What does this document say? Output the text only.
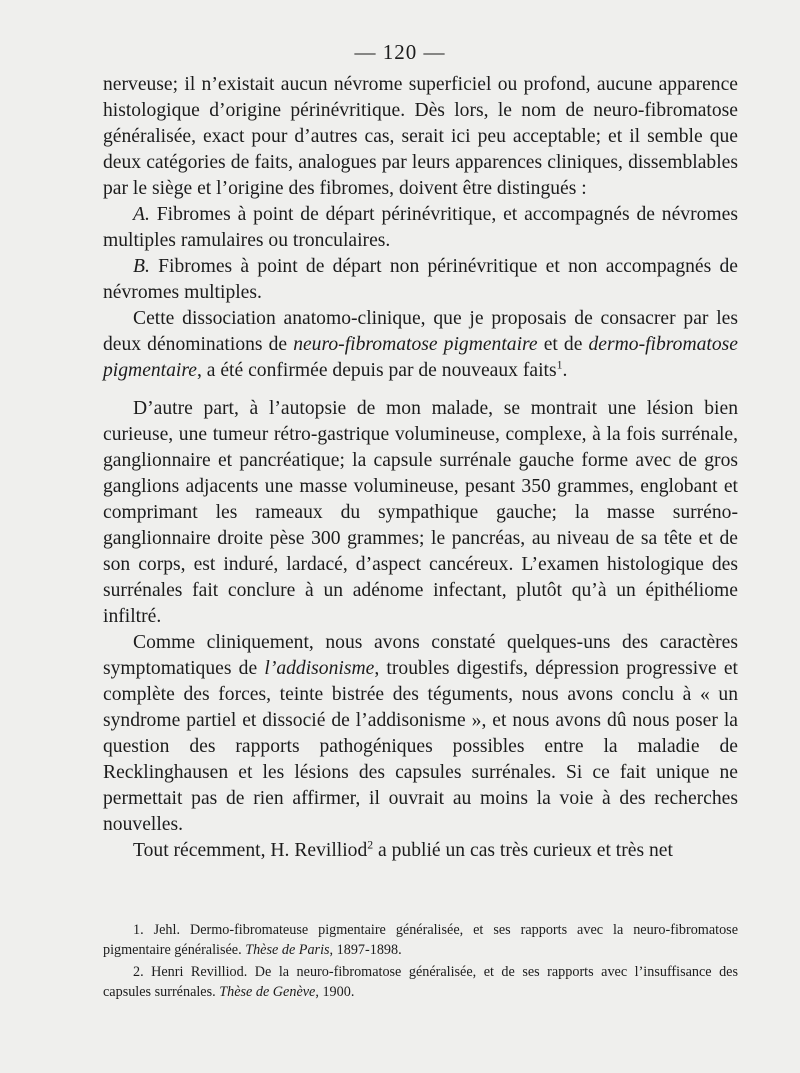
— 120 —

nerveuse; il n’existait aucun névrome superficiel ou profond, aucune apparence histologique d’origine périnévritique. Dès lors, le nom de neuro-fibromatose généralisée, exact pour d’autres cas, serait ici peu acceptable; et il semble que deux catégories de faits, analogues par leurs apparences cliniques, dissemblables par le siège et l’origine des fibromes, doivent être distingués :

A. Fibromes à point de départ périnévritique, et accompagnés de névromes multiples ramulaires ou tronculaires.

B. Fibromes à point de départ non périnévritique et non accompagnés de névromes multiples.

Cette dissociation anatomo-clinique, que je proposais de consacrer par les deux dénominations de neuro-fibromatose pigmentaire et de dermo-fibromatose pigmentaire, a été confirmée depuis par de nouveaux faits$^1$.

D’autre part, à l’autopsie de mon malade, se montrait une lésion bien curieuse, une tumeur rétro-gastrique volumineuse, complexe, à la fois surrénale, ganglionnaire et pancréatique; la capsule surrénale gauche forme avec de gros ganglions adjacents une masse volumineuse, pesant 350 grammes, englobant et comprimant les rameaux du sympathique gauche; la masse surréno-ganglionnaire droite pèse 300 grammes; le pancréas, au niveau de sa tête et de son corps, est induré, lardacé, d’aspect cancéreux. L’examen histologique des surrénales fait conclure à un adénome infectant, plutôt qu’à un épithéliome infiltré.

Comme cliniquement, nous avons constaté quelques-uns des caractères symptomatiques de l’addisonisme, troubles digestifs, dépression progressive et complète des forces, teinte bistrée des téguments, nous avons conclu à « un syndrome partiel et dissocié de l’addisonisme », et nous avons dû nous poser la question des rapports pathogéniques possibles entre la maladie de Recklinghausen et les lésions des capsules surrénales. Si ce fait unique ne permettait pas de rien affirmer, il ouvrait au moins la voie à des recherches nouvelles.

Tout récemment, H. Revilliod$^2$ a publié un cas très curieux et très net

1. Jehl. Dermo-fibromateuse pigmentaire généralisée, et ses rapports avec la neuro-fibromatose pigmentaire généralisée. Thèse de Paris, 1897-1898.

2. Henri Revilliod. De la neuro-fibromatose généralisée, et de ses rapports avec l’insuffisance des capsules surrénales. Thèse de Genève, 1900.
